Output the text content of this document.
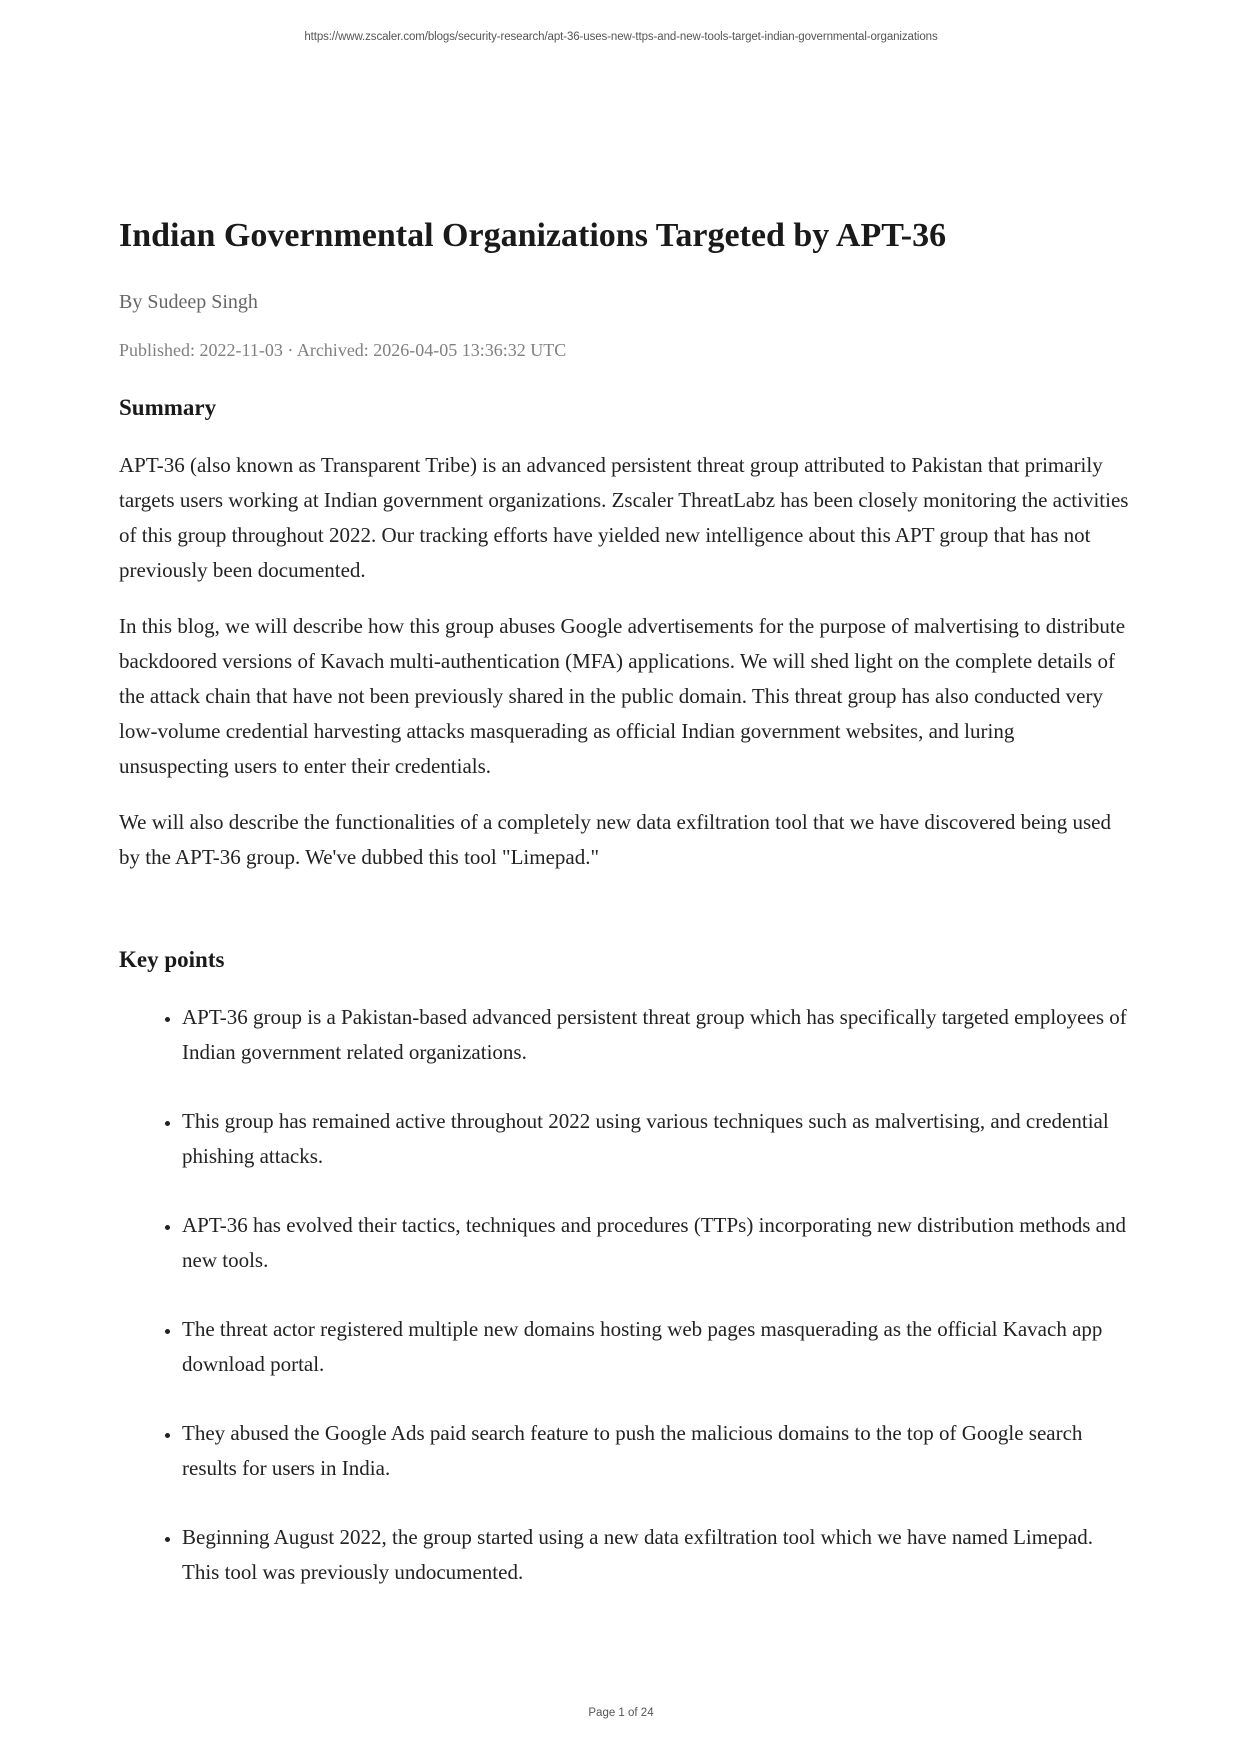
https://www.zscaler.com/blogs/security-research/apt-36-uses-new-ttps-and-new-tools-target-indian-governmental-organizations
Indian Governmental Organizations Targeted by APT-36
By Sudeep Singh
Published: 2022-11-03 · Archived: 2026-04-05 13:36:32 UTC
Summary

APT-36 (also known as Transparent Tribe) is an advanced persistent threat group attributed to Pakistan that primarily targets users working at Indian government organizations. Zscaler ThreatLabz has been closely monitoring the activities of this group throughout 2022. Our tracking efforts have yielded new intelligence about this APT group that has not previously been documented.

In this blog, we will describe how this group abuses Google advertisements for the purpose of malvertising to distribute backdoored versions of Kavach multi-authentication (MFA) applications. We will shed light on the complete details of the attack chain that have not been previously shared in the public domain. This threat group has also conducted very low-volume credential harvesting attacks masquerading as official Indian government websites, and luring unsuspecting users to enter their credentials.

We will also describe the functionalities of a completely new data exfiltration tool that we have discovered being used by the APT-36 group. We've dubbed this tool "Limepad."

Key points
• APT-36 group is a Pakistan-based advanced persistent threat group which has specifically targeted employees of Indian government related organizations.
• This group has remained active throughout 2022 using various techniques such as malvertising, and credential phishing attacks.
• APT-36 has evolved their tactics, techniques and procedures (TTPs) incorporating new distribution methods and new tools.
• The threat actor registered multiple new domains hosting web pages masquerading as the official Kavach app download portal.
• They abused the Google Ads paid search feature to push the malicious domains to the top of Google search results for users in India.
• Beginning August 2022, the group started using a new data exfiltration tool which we have named Limepad. This tool was previously undocumented.
Page 1 of 24
